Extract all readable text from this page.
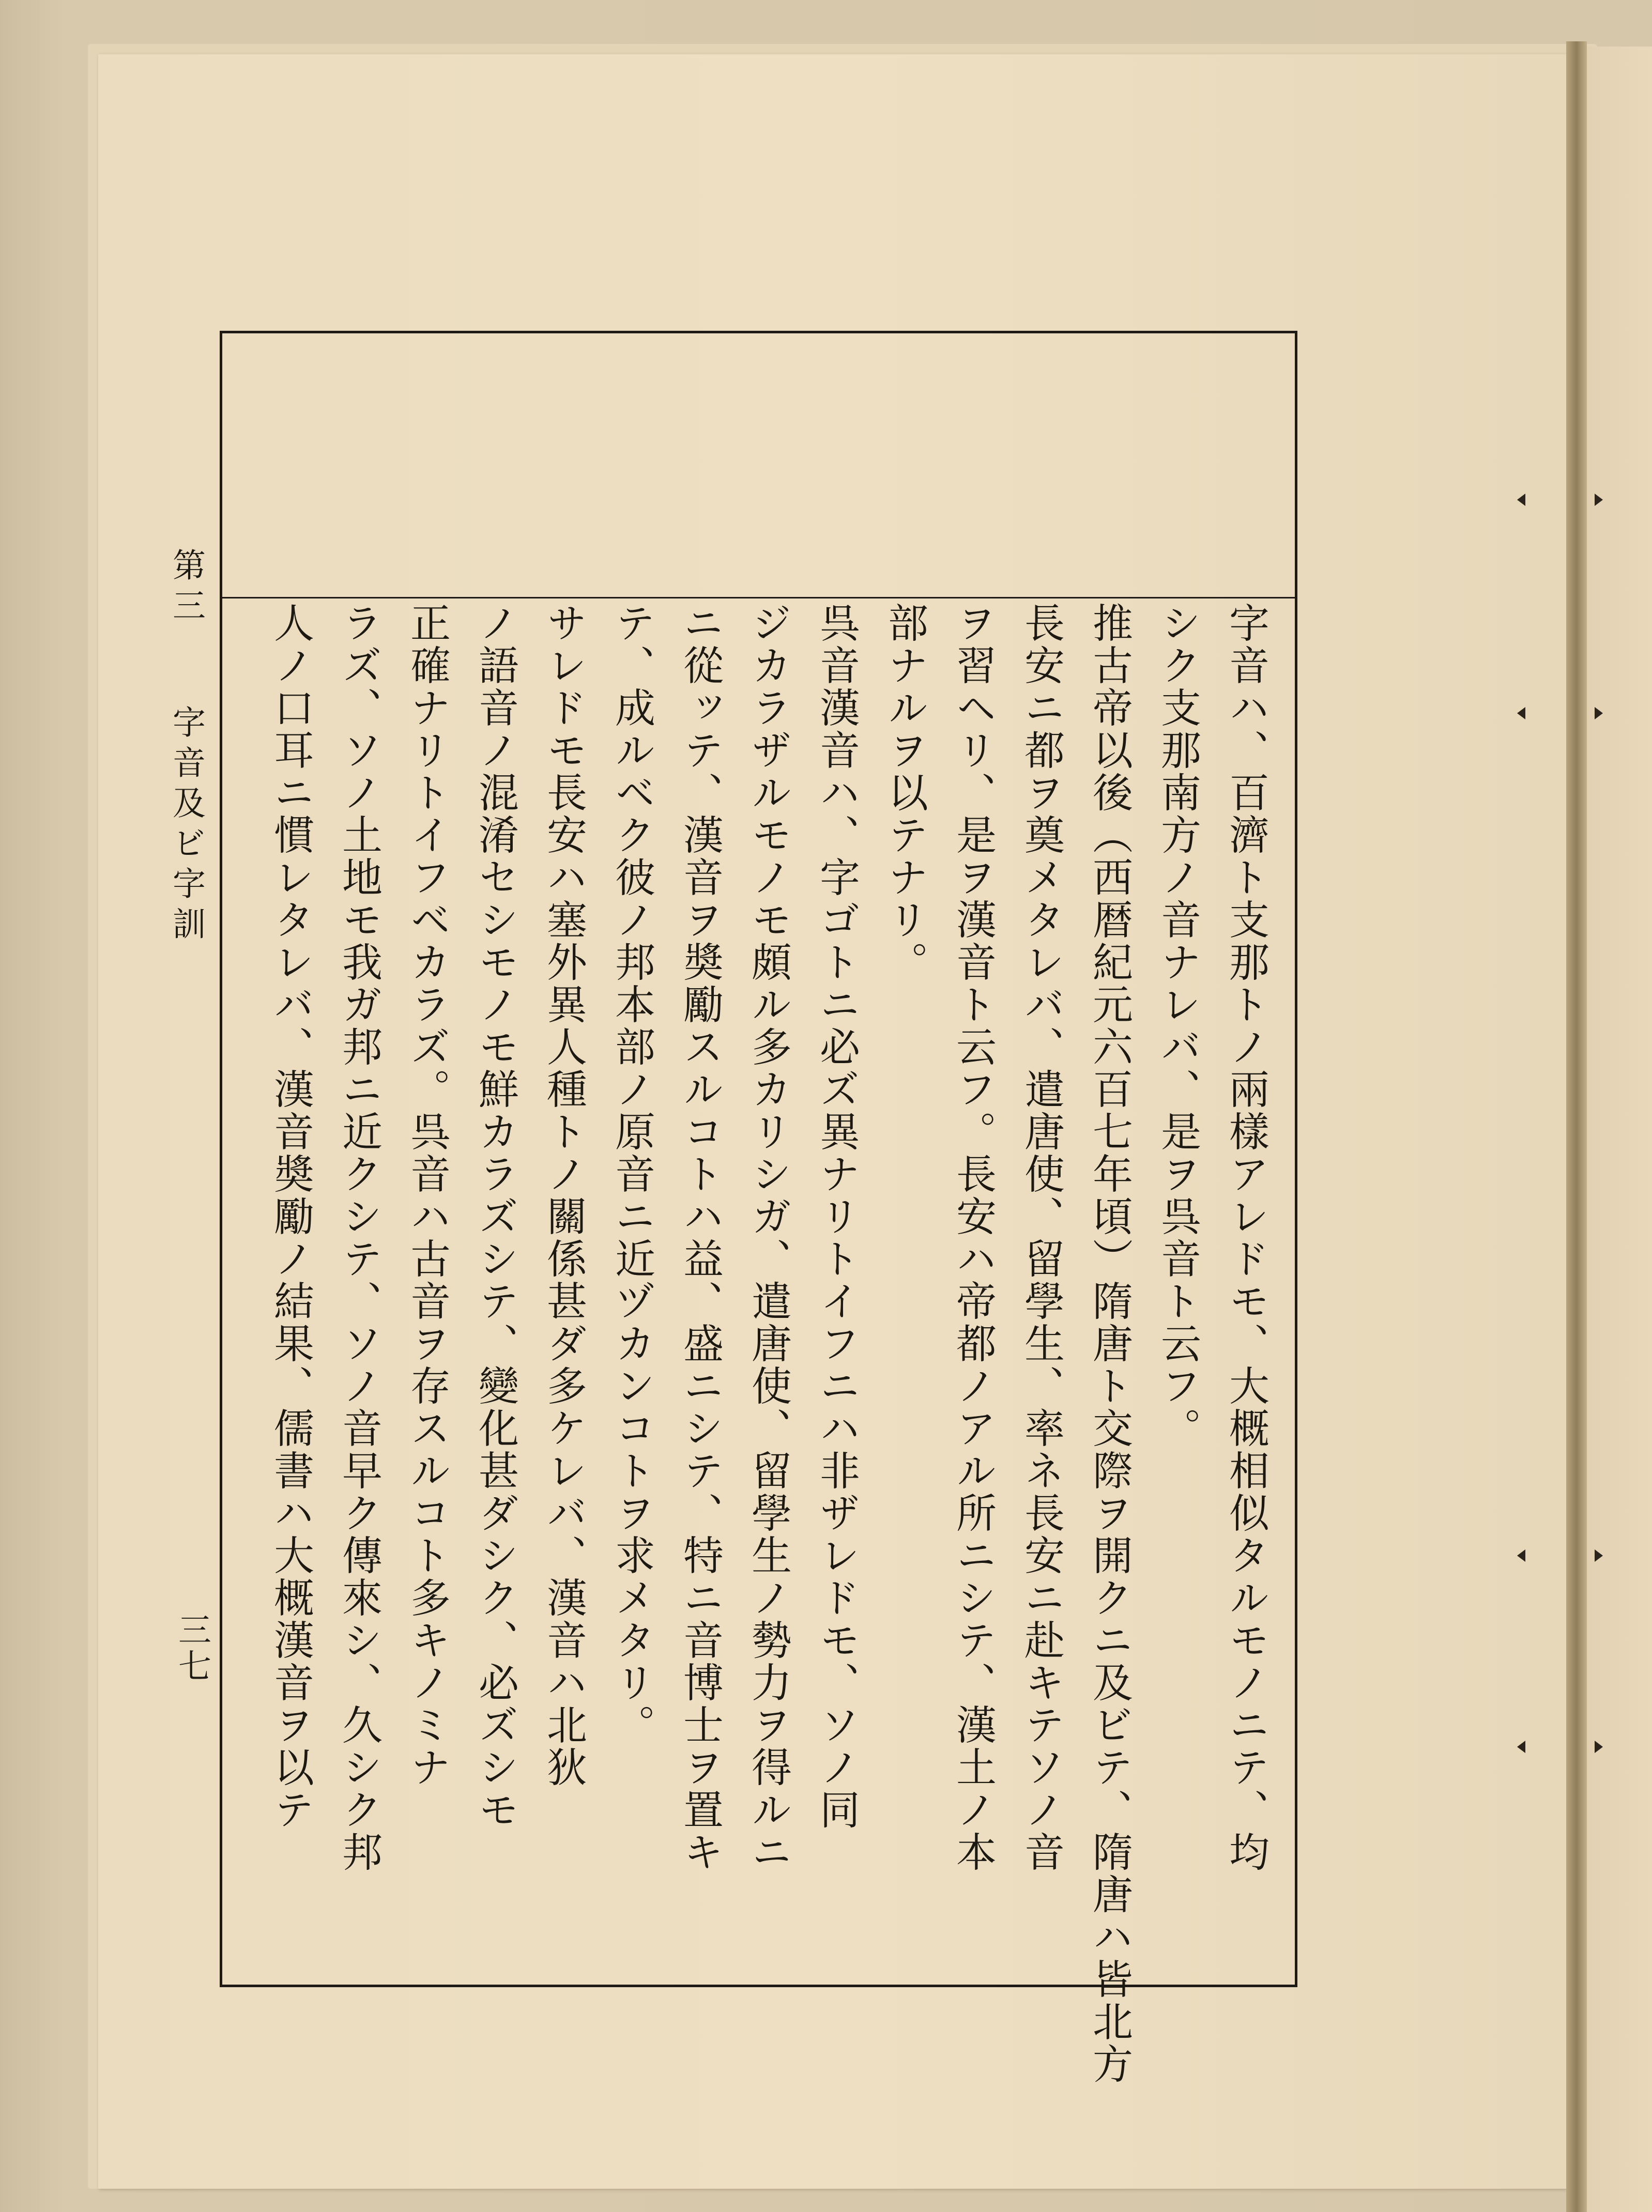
第三 字音及ビ字訓
三七	字音ハ、百濟ト支那トノ兩樣アレドモ、大概相似タルモノニテ、均
シク支那南方ノ音ナレバ、是ヲ呉音ト云フ。
推古帝以後（西暦紀元六百七年頃）隋唐ト交際ヲ開クニ及ビテ、隋唐ハ皆北方
長安ニ都ヲ奠メタレバ、遣唐使、留學生、率ネ長安ニ赴キテソノ音
ヲ習ヘリ、是ヲ漢音ト云フ。長安ハ帝都ノアル所ニシテ、漢土ノ本
部ナルヲ以テナリ。
呉音漢音ハ、字ゴトニ必ズ異ナリトイフニハ非ザレドモ、ソノ同
ジカラザルモノモ頗ル多カリシガ、遣唐使、留學生ノ勢力ヲ得ルニ
ニ從ッテ、漢音ヲ奬勵スルコトハ益、盛ニシテ、特ニ音博士ヲ置キ
テ、成ルベク彼ノ邦本部ノ原音ニ近ヅカンコトヲ求メタリ。
サレドモ長安ハ塞外異人種トノ關係甚ダ多ケレバ、漢音ハ北狄
ノ語音ノ混淆セシモノモ鮮カラズシテ、變化甚ダシク、必ズシモ
正確ナリトイフベカラズ。呉音ハ古音ヲ存スルコト多キノミナ
ラズ、ソノ土地モ我ガ邦ニ近クシテ、ソノ音早ク傳來シ、久シク邦
人ノ口耳ニ慣レタレバ、漢音奬勵ノ結果、儒書ハ大概漢音ヲ以テ
